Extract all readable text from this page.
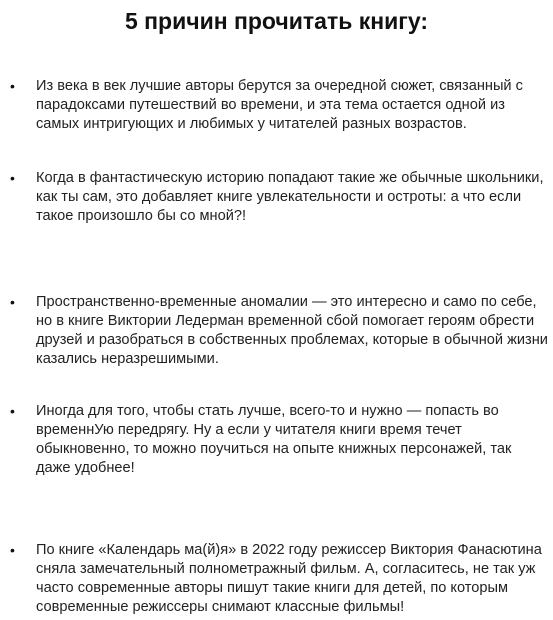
5 причин прочитать книгу:
• Из века в век лучшие авторы берутся за очередной сюжет, связанный с парадоксами путешествий во времени, и эта тема остается одной из самых интригующих и любимых у читателей разных возрастов.
• Когда в фантастическую историю попадают такие же обычные школьники, как ты сам, это добавляет книге увлекательности и остроты: а что если такое произошло бы со мной?!
• Пространственно-временные аномалии — это интересно и само по себе, но в книге Виктории Ледерман временной сбой помогает героям обрести друзей и разобраться в собственных проблемах, которые в обычной жизни казались неразрешимыми.
• Иногда для того, чтобы стать лучше, всего-то и нужно — попасть во временнУю передрягу. Ну а если у читателя книги время течет обыкновенно, то можно поучиться на опыте книжных персонажей, так даже удобнее!
• По книге «Календарь ма(й)я» в 2022 году режиссер Виктория Фанасютина сняла замечательный полнометражный фильм. А, согласитесь, не так уж часто современные авторы пишут такие книги для детей, по которым современные режиссеры снимают классные фильмы!
